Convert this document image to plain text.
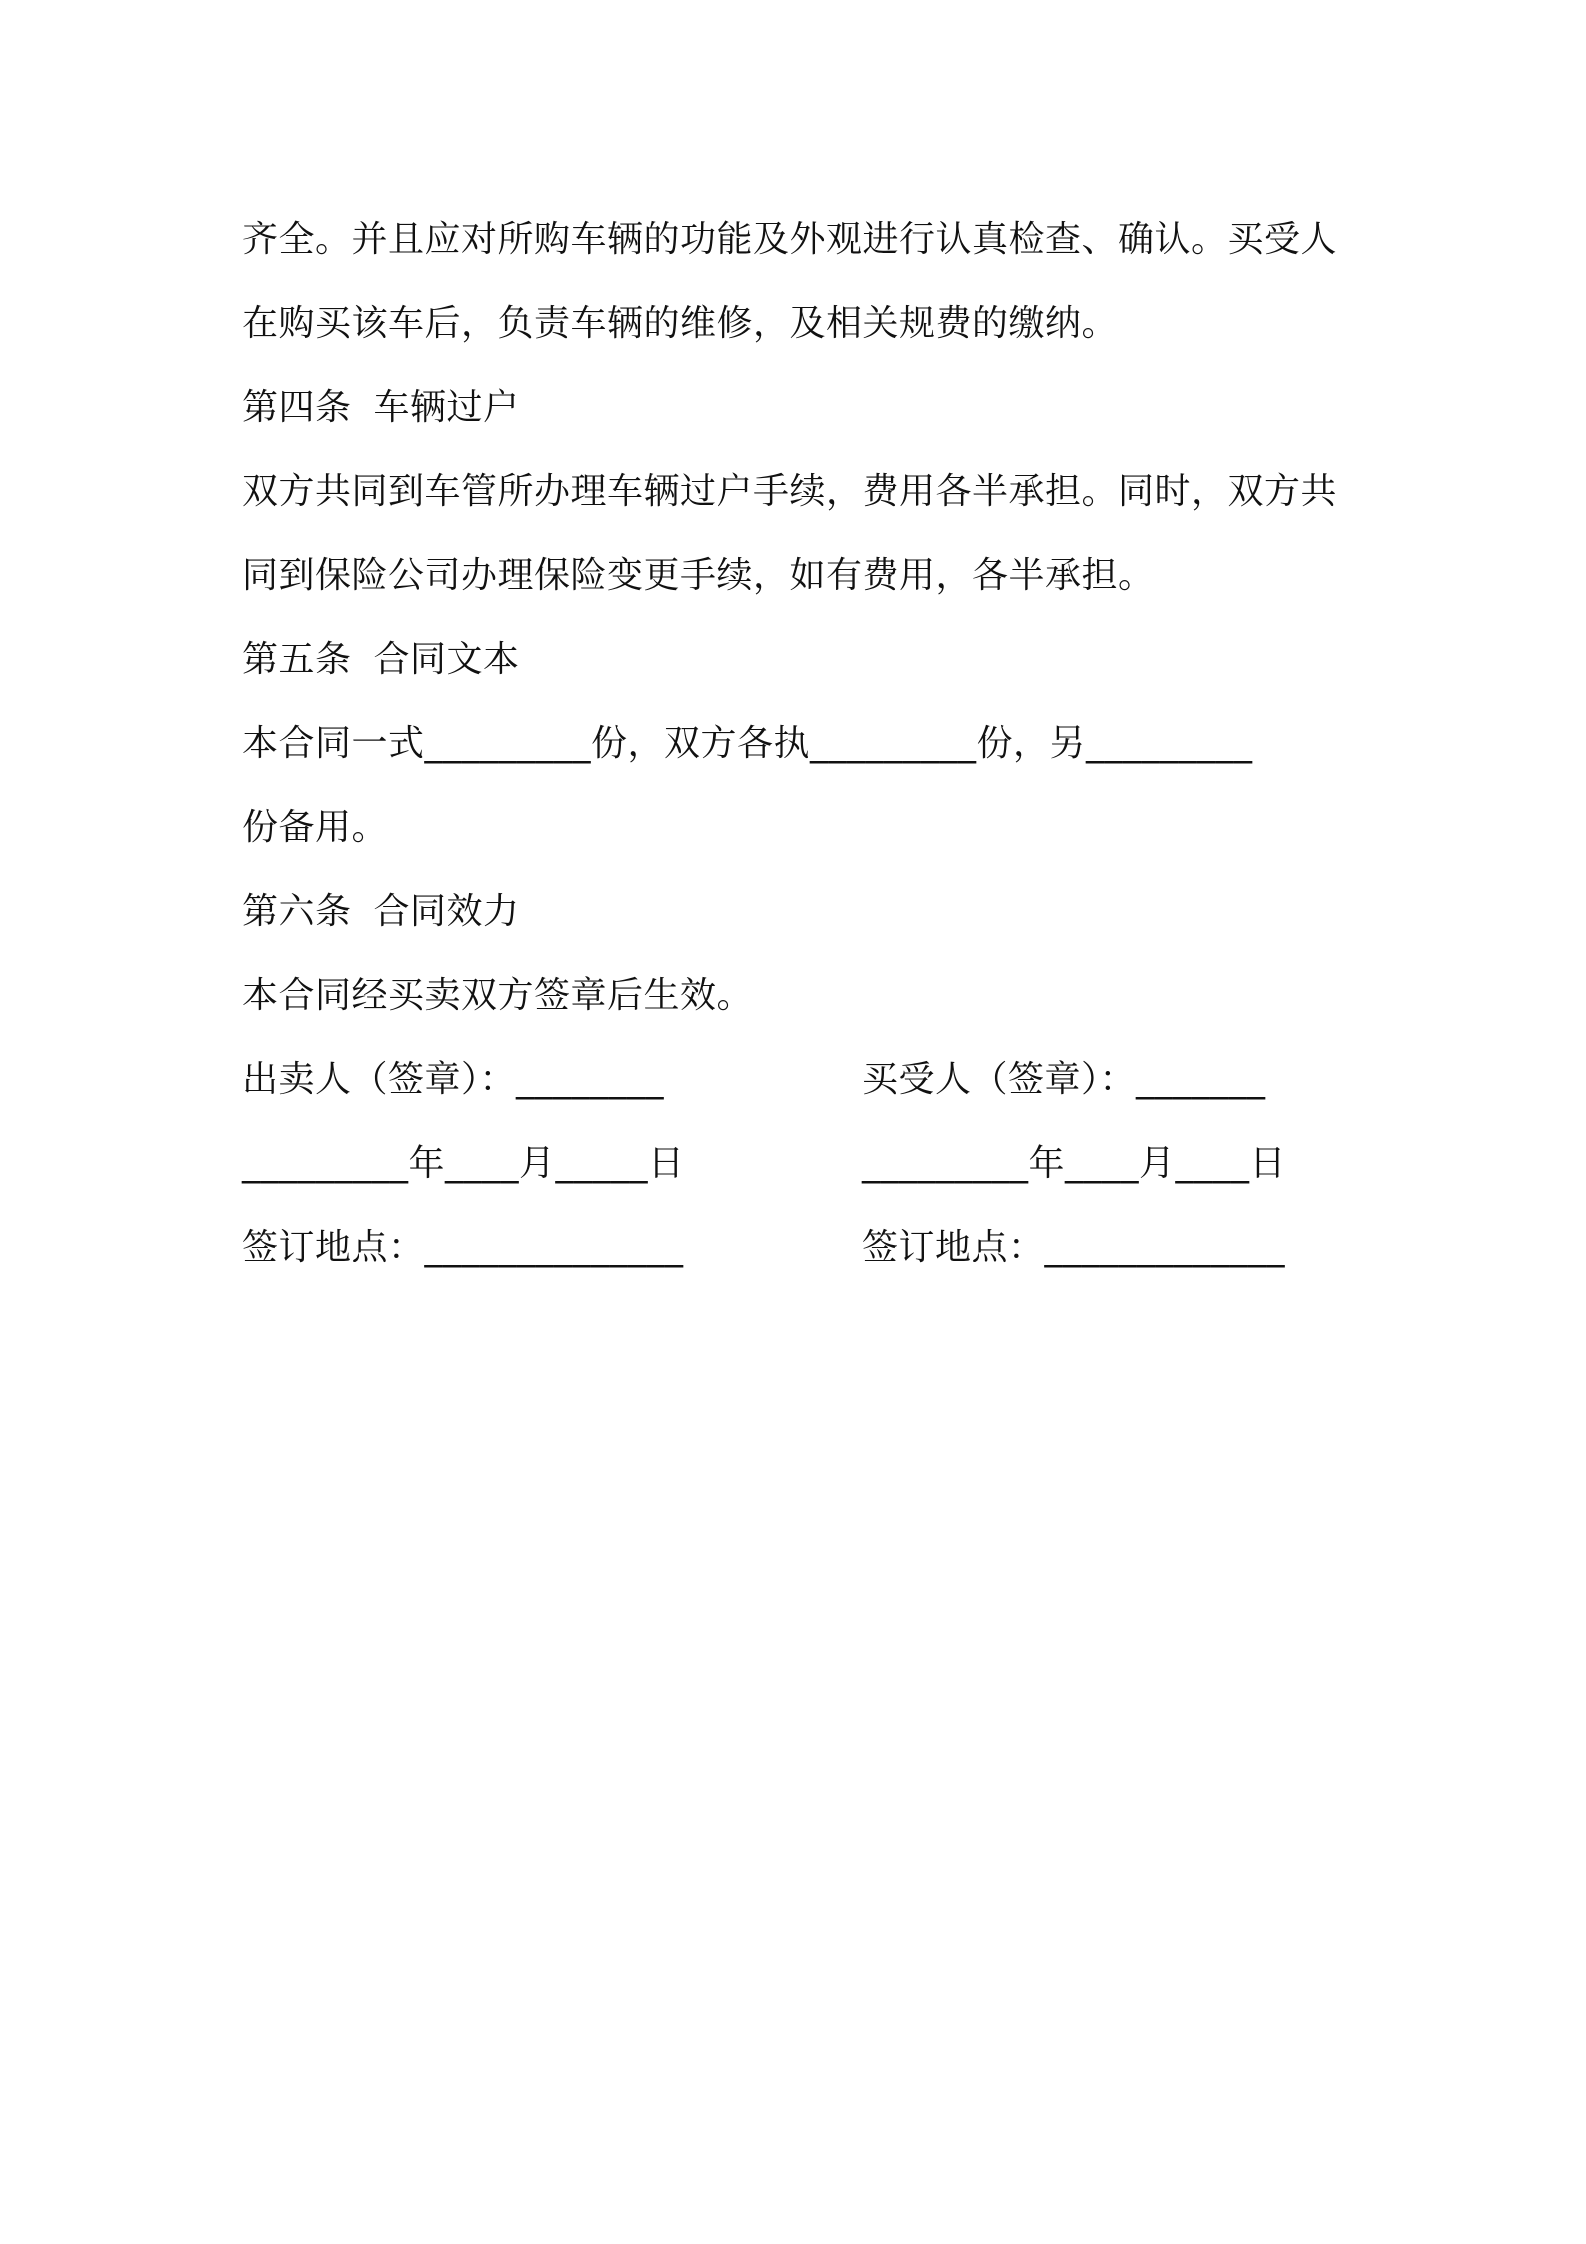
齐全。并且应对所购车辆的功能及外观进行认真检查、确认。买受人
在购买该车后，负责车辆的维修，及相关规费的缴纳。
第四条 车辆过户
双方共同到车管所办理车辆过户手续，费用各半承担。同时，双方共
同到保险公司办理保险变更手续，如有费用，各半承担。
第五条 合同文本
本合同一式_________份，双方各执_________份，另_________
份备用。
第六条 合同效力
本合同经买卖双方签章后生效。
出卖人（签章）：________	买受人（签章）：_______
_________年____月_____日	_________年____月____日
签订地点：______________	签订地点：_____________
